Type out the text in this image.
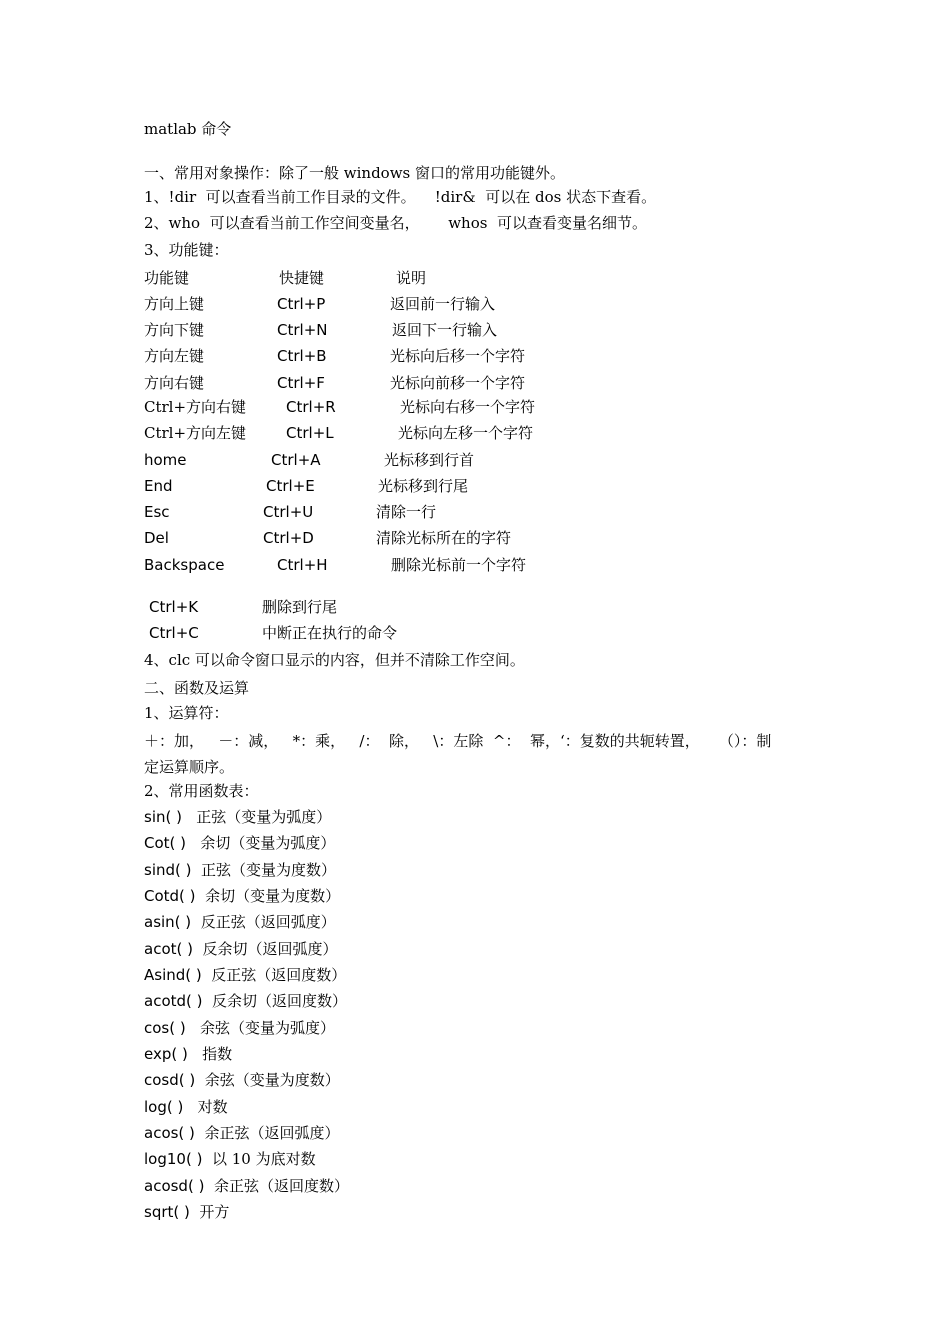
matlab 命令
一、常用对象操作：除了一般 windows 窗口的常用功能键外。
1、!dir  可以查看当前工作目录的文件。    !dir&  可以在 dos 状态下查看。
2、who  可以查看当前工作空间变量名，      whos  可以查看变量名细节。
3、功能键：
功能键	快捷键	说明
方向上键	Ctrl+P	返回前一行输入
方向下键	Ctrl+N	返回下一行输入
方向左键	Ctrl+B	光标向后移一个字符
方向右键	Ctrl+F	光标向前移一个字符
Ctrl+方向右键	Ctrl+R	光标向右移一个字符
Ctrl+方向左键	Ctrl+L	光标向左移一个字符
home	Ctrl+A	光标移到行首
End	Ctrl+E	光标移到行尾
Esc	Ctrl+U	清除一行
Del	Ctrl+D	清除光标所在的字符
Backspace	Ctrl+H	删除光标前一个字符
Ctrl+K	删除到行尾
Ctrl+C	中断正在执行的命令
4、clc 可以命令窗口显示的内容，但并不清除工作空间。
二、函数及运算
1、运算符：
＋：加，   －：减，   *：乘，   /：  除，   \：左除  ^：  幂，‘：复数的共轭转置，    （）：制
定运算顺序。
2、常用函数表：
sin( ) 正弦（变量为弧度）
Cot( ) 余切（变量为弧度）
sind( ) 正弦（变量为度数）
Cotd( ) 余切（变量为度数）
asin( ) 反正弦（返回弧度）
acot( ) 反余切（返回弧度）
Asind( ) 反正弦（返回度数）
acotd( ) 反余切（返回度数）
cos( ) 余弦（变量为弧度）
exp( ) 指数
cosd( ) 余弦（变量为度数）
log( ) 对数
acos( ) 余正弦（返回弧度）
log10( ) 以 10 为底对数
acosd( ) 余正弦（返回度数）
sqrt( ) 开方
